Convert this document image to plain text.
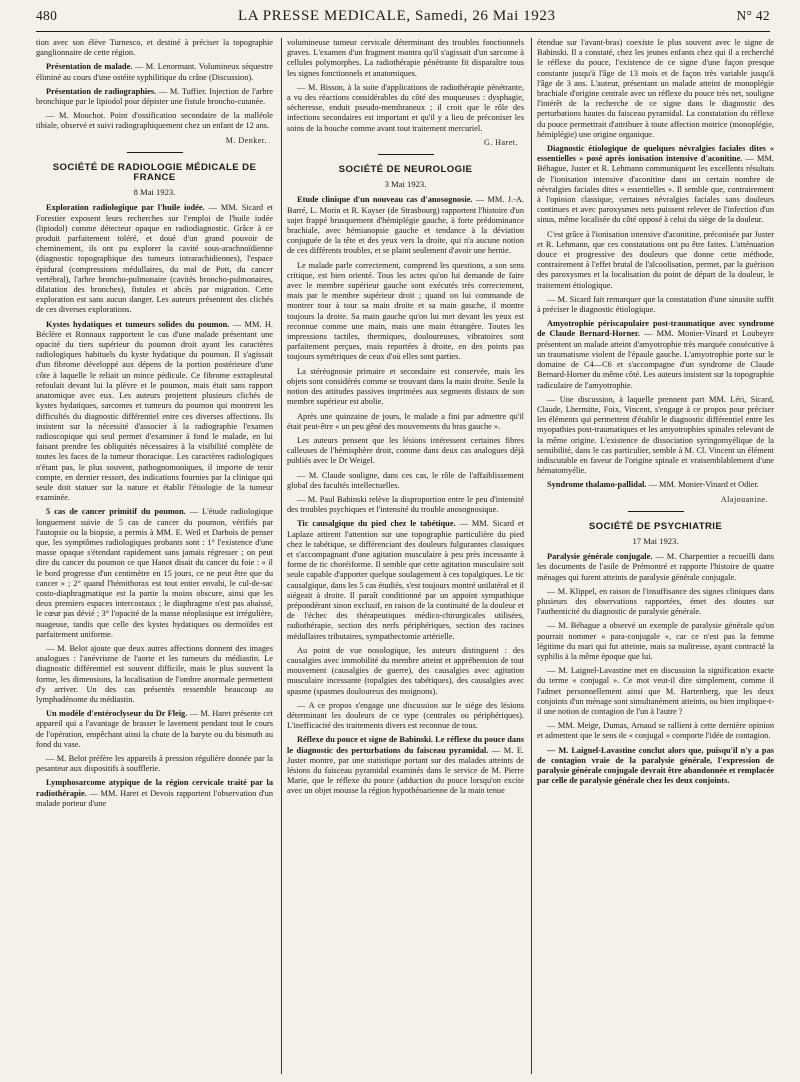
480	LA PRESSE MEDICALE, Samedi, 26 Mai 1923	N° 42

tion avec son élève Turnesco, et destiné à préciser la topographie ganglionnaire de cette région.

Présentation de malade. — M. Lenormant. Volumineux séquestre éliminé au cours d'une ostéite syphilitique du crâne (Discussion).

Présentation de radiographies. — M. Tuffier. Injection de l'arbre bronchique par le lipiodol pour dépister une fistule broncho-cutanée.

— M. Mouchot. Point d'ossification secondaire de la malléole tibiale, observé et suivi radiographiquement chez un enfant de 12 ans.

M. Denker.
SOCIÉTÉ DE RADIOLOGIE MÉDICALE DE FRANCE
8 Mai 1923.

Exploration radiologique par l'huile iodée. — MM. Sicard et Forestier exposent leurs recherches sur l'emploi de l'huile iodée (lipiodol) comme détecteur opaque en radiodiagnostic. Grâce à ce produit parfaitement toléré, et doué d'un grand pouvoir de cheminement, ils ont pu explorer la cavité sous-arachnoïdienne (diagnostic topographique des tumeurs intrarachidiennes), l'espace épidural (compressions médullaires, du mal de Pott, du cancer vertébral), l'arbre broncho-pulmonaire (cavités broncho-pulmonaires, dilatation des bronches), fistules et abcès par migration. Cette exploration est sans aucun danger. Les auteurs présentent des clichés de ces diverses explorations.

Kystes hydatiques et tumeurs solides du poumon. — MM. H. Béclère et Ronnaux rapportent le cas d'une malade présentant une opacité du tiers supérieur du poumon droit ayant les caractères radiologiques habituels du kyste hydatique du poumon. Il s'agissait d'un fibrome développé aux dépens de la portion postérieure d'une côte à laquelle le reliait un mince pédicule. Ce fibrome extrapleural refoulait devant lui la plèvre et le poumon, mais était sans rapport anatomique avec eux. Les auteurs projettent plusieurs clichés de kystes hydatiques, sarcomes et tumeurs du poumon qui montrent les difficultés du diagnostic différentiel entre ces diverses affections. Ils insistent sur la nécessité d'associer à la radiographie l'examen radioscopique qui seul permet d'examiner à fond le malade, en lui faisant prendre les obliquités nécessaires à la visibilité complète de toutes les faces de la tumeur thoracique. Les caractères radiologiques n'étant pas, le plus souvent, pathognomoniques, il importe de tenir compte, en dernier ressort, des indications fournies par la clinique qui seule doit statuer sur la nature et établir l'étiologie de la tumeur examinée.

5 cas de cancer primitif du poumon. — L'étude radiologique longuement suivie de 5 cas de cancer du poumon, vérifiés par l'autopsie ou la biopsie, a permis à MM. E. Weil et Darbois de penser que, les symptômes radiologiques probants sont : 1° l'existence d'une masse opaque s'étendant rapidement sans jamais régresser ; on peut dire du cancer du poumon ce que Hanot disait du cancer du foie : « il le bord progresse d'un centimètre en 15 jours, ce ne peut être que du cancer » ; 2° quand l'hémithorax est tout entier envahi, le cul-de-sac costo-diaphragmatique est la partie la moins obscure, ainsi que les deux premiers espaces intercostaux ; le diaphragme n'est pas abaissé, le cœur pas dévié ; 3° l'opacité de la masse néoplasique est irrégulière, nuageuse, tandis que celle des kystes hydatiques ou dermoïdes est parfaitement uniforme.

— M. Belot ajoute que deux autres affections donnent des images analogues : l'anévrisme de l'aorte et les tumeurs du médiastin. Le diagnostic différentiel est souvent difficile, mais le plus souvent la forme, les dimensions, la localisation de l'ombre anormale permettent d'y arriver. Un des cas présentés ressemble beaucoup au lymphadénome du médiastin.

Un modèle d'entéroclyseur du Dr Fleig. — M. Haret présente cet appareil qui a l'avantage de brasser le lavement pendant tout le cours de l'opération, empêchant ainsi la chute de la baryte ou du bismuth au fond du vase.

— M. Belot préfère les appareils à pression régulière donnée par la pesanteur aux dispositifs à soufflerie.

Lymphosarcome atypique de la région cervicale traité par la radiothérapie. — MM. Haret et Devois rapportent l'observation d'un malade porteur d'une

volumineuse tumeur cervicale déterminant des troubles fonctionnels graves. L'examen d'un fragment montra qu'il s'agissait d'un sarcome à cellules polymorphes. La radiothérapie pénétrante fit disparaître tous les signes fonctionnels et anatomiques.

— M. Bisson, à la suite d'applications de radiothérapie pénétrante, a vu des réactions considérables du côté des muqueuses : dysphagie, sécheresse, enduit pseudo-membraneux ; il croit que le rôle des infections secondaires est important et qu'il y a lieu de préconiser les soins de la bouche comme avant tout traitement mercuriel.

G. Haret.
SOCIÉTÉ DE NEUROLOGIE
3 Mai 1923.

Etude clinique d'un nouveau cas d'anosognosie. — MM. J.-A. Barré, L. Morin et R. Kayser (de Strasbourg) rapportent l'histoire d'un sujet frappé brusquement d'hémiplégie gauche, à forte prédominance brachiale, avec hémianopsie gauche et tendance à la déviation conjuguée de la tête et des yeux vers la droite, qui n'a aucune notion de ces différents troubles, et se plaint seulement d'avoir une hernie.

Le malade parle correctement, comprend les questions, a son sens critique, est bien orienté. Tous les actes qu'on lui demande de faire avec le membre supérieur gauche sont exécutés très correctement, mais par le membre supérieur droit ; quand on lui commande de montrer tour à tour sa main droite et sa main gauche, il montre toujours la droite. Sa main gauche qu'on lui met devant les yeux est reconnue comme une main, mais une main étrangère. Toutes les impressions tactiles, thermiques, douloureuses, vibratoires sont parfaitement perçues, mais reportées à droite, en des points pas toujours symétriques de ceux d'où elles sont parties.

La stéréognosie primaire et secondaire est conservée, mais les objets sont considérés comme se trouvant dans la main droite. Seule la notion des attitudes passives imprimées aux segments distaux de son membre supérieur est abolie.

Après une quinzaine de jours, le malade a fini par admettre qu'il était peut-être « un peu gêné des mouvements du bras gauche ».

Les auteurs pensent que les lésions intéressent certaines fibres calleuses de l'hémisphère droit, comme dans deux cas analogues déjà publiés avec le Dr Weigel.

— M. Claude souligne, dans ces cas, le rôle de l'affaiblissement global des facultés intellectuelles.

— M. Paul Babinski relève la disproportion entre le peu d'intensité des troubles psychiques et l'intensité du trouble anosognosique.

Tic causalgique du pied chez le tabétique. — MM. Sicard et Laplaze attirent l'attention sur une topographie particulière du pied chez le tabétique, se différenciant des douleurs fulgurantes classiques et s'accompagnant d'une agitation musculaire à peu près incessante à forme de tic choréiforme. Il semble que cette agitation musculaire soit seule capable d'apporter quelque soulagement à ces topalgiques. Le tic causalgique, dans les 5 cas étudiés, s'est toujours montré unilatéral et il siégeait à droite. Il paraît conditionné par un appoint sympathique prépondérant sinon exclusif, en raison de la continuité de la douleur et de l'échec des thérapeutiques médico-chirurgicales utilisées, radiothérapie, section des nerfs périphériques, section des racines médullaires tributaires, sympathectomie artérielle.

Au point de vue nosologique, les auteurs distinguent : des causalgies avec immobilité du membre atteint et appréhension de tout mouvement (causalgies de guerre), des causalgies avec agitation musculaire incessante (topalgies des tabétiques), des causalgies avec spasme (spasmes douloureux des moignons).

— A ce propos s'engage une discussion sur le siège des lésions déterminant les douleurs de ce type (centrales ou périphériques). L'inefficacité des traitements divers est reconnue de tous.

Réflexe du pouce et signe de Babinski. Le réflexe du pouce dans le diagnostic des perturbations du faisceau pyramidal. — M. E. Juster montre, par une statistique portant sur des malades atteints de lésions du faisceau pyramidal examinés dans le service de M. Pierre Marie, que le réflexe du pouce (adduction du pouce lorsqu'on excite avec un objet mousse la région hypothénarienne de la main tenue

étendue sur l'avant-bras) coexiste le plus souvent avec le signe de Babinski. Il a constaté, chez les jeunes enfants chez qui il a recherché le réflexe du pouce, l'existence de ce signe d'une façon presque constante jusqu'à l'âge de 13 mois et de façon très variable jusqu'à l'âge de 3 ans. L'auteur, présentant un malade atteint de monoplégie brachiale d'origine centrale avec un réflexe du pouce très net, souligne l'intérêt de la recherche de ce signe dans le diagnostic des perturbations hautes du faisceau pyramidal. La constatation du réflexe du pouce permettrait d'attribuer à toute affection motrice (monoplégie, hémiplégie) une origine organique.

Diagnostic étiologique de quelques névralgies faciales dites « essentielles » posé après ionisation intensive d'aconitine. — MM. Béhague, Juster et R. Lehmann communiquent les excellents résultats de l'ionisation intensive d'aconitine dans un certain nombre de névralgies faciales dites « essentielles ». Il semble que, contrairement à l'opinion classique, certaines névralgies faciales sans douleurs continues et avec paroxysmes nets puissent relever de l'infection d'un sinus, même localisée du côté opposé à celui du siège de la douleur.

C'est grâce à l'ionisation intensive d'aconitine, préconisée par Juster et R. Lehmann, que ces constatations ont pu être faites. L'atténuation douce et progressive des douleurs que donne cette méthode, contrairement à l'effet brutal de l'alcoolisation, permet, par la guérison des paroxysmes et la localisation du point de départ de la douleur, le traitement étiologique.

— M. Sicard fait remarquer que la constatation d'une sinusite suffit à préciser le diagnostic étiologique.

Amyotrophie périscapulaire post-traumatique avec syndrome de Claude Bernard-Horner. — MM. Monier-Vinard et Loubeyre présentent un malade atteint d'amyotrophie très marquée consécutive à un traumatisme violent de l'épaule gauche. L'amyotrophie porte sur le domaine de C4—C6 et s'accompagne d'un syndrome de Claude Bernard-Horner du même côté. Les auteurs insistent sur la topographie radiculaire de l'amyotrophie.

— Une discussion, à laquelle prennent part MM. Léri, Sicard, Claude, Lhermitte, Foix, Vincent, s'engage à ce propos pour préciser les éléments qui permettent d'établir le diagnostic différentiel entre les myopathies post-traumatiques et les amyotrophies spinales relevant de la même origine. L'existence de dissociation syringomyélique de la sensibilité, dans le cas particulier, semble à M. Cl. Vincent un élément indiscutable en faveur de l'origine spinale et vraisemblablement d'une hématomyélie.

Syndrome thalamo-pallidal. — MM. Monier-Vinard et Odier.

Alajouanine.
SOCIÉTÉ DE PSYCHIATRIE
17 Mai 1923.

Paralysie générale conjugale. — M. Charpentier a recueilli dans les documents de l'asile de Prémontré et rapporte l'histoire de quatre ménages qui furent atteints de paralysie générale conjugale.

— M. Klippel, en raison de l'insuffisance des signes cliniques dans plusieurs des observations rapportées, émet des doutes sur l'authenticité du diagnostic de paralysie générale.

— M. Béhague a observé un exemple de paralysie générale qu'on pourrait nommer « para-conjugale », car ce n'est pas la femme légitime du mari qui fut atteinte, mais sa maîtresse, ayant contracté la syphilis à la même époque que lui.

— M. Laignel-Lavastine met en discussion la signification exacte du terme « conjugal ». Ce mot veut-il dire simplement, comme il l'admet personnellement ainsi que M. Hartenberg, que les deux conjoints d'un ménage sont simultanément atteints, ou bien implique-t-il une notion de contagion de l'un à l'autre ?

— MM. Meige, Dumas, Arnaud se rallient à cette dernière opinion et admettent que le sens de « conjugal » comporte l'idée de contagion.

— M. Laignel-Lavastine conclut alors que, puisqu'il n'y a pas de contagion vraie de la paralysie générale, l'expression de paralysie générale conjugale devrait être abandonnée et remplacée par celle de paralysie générale chez les deux conjoints.
